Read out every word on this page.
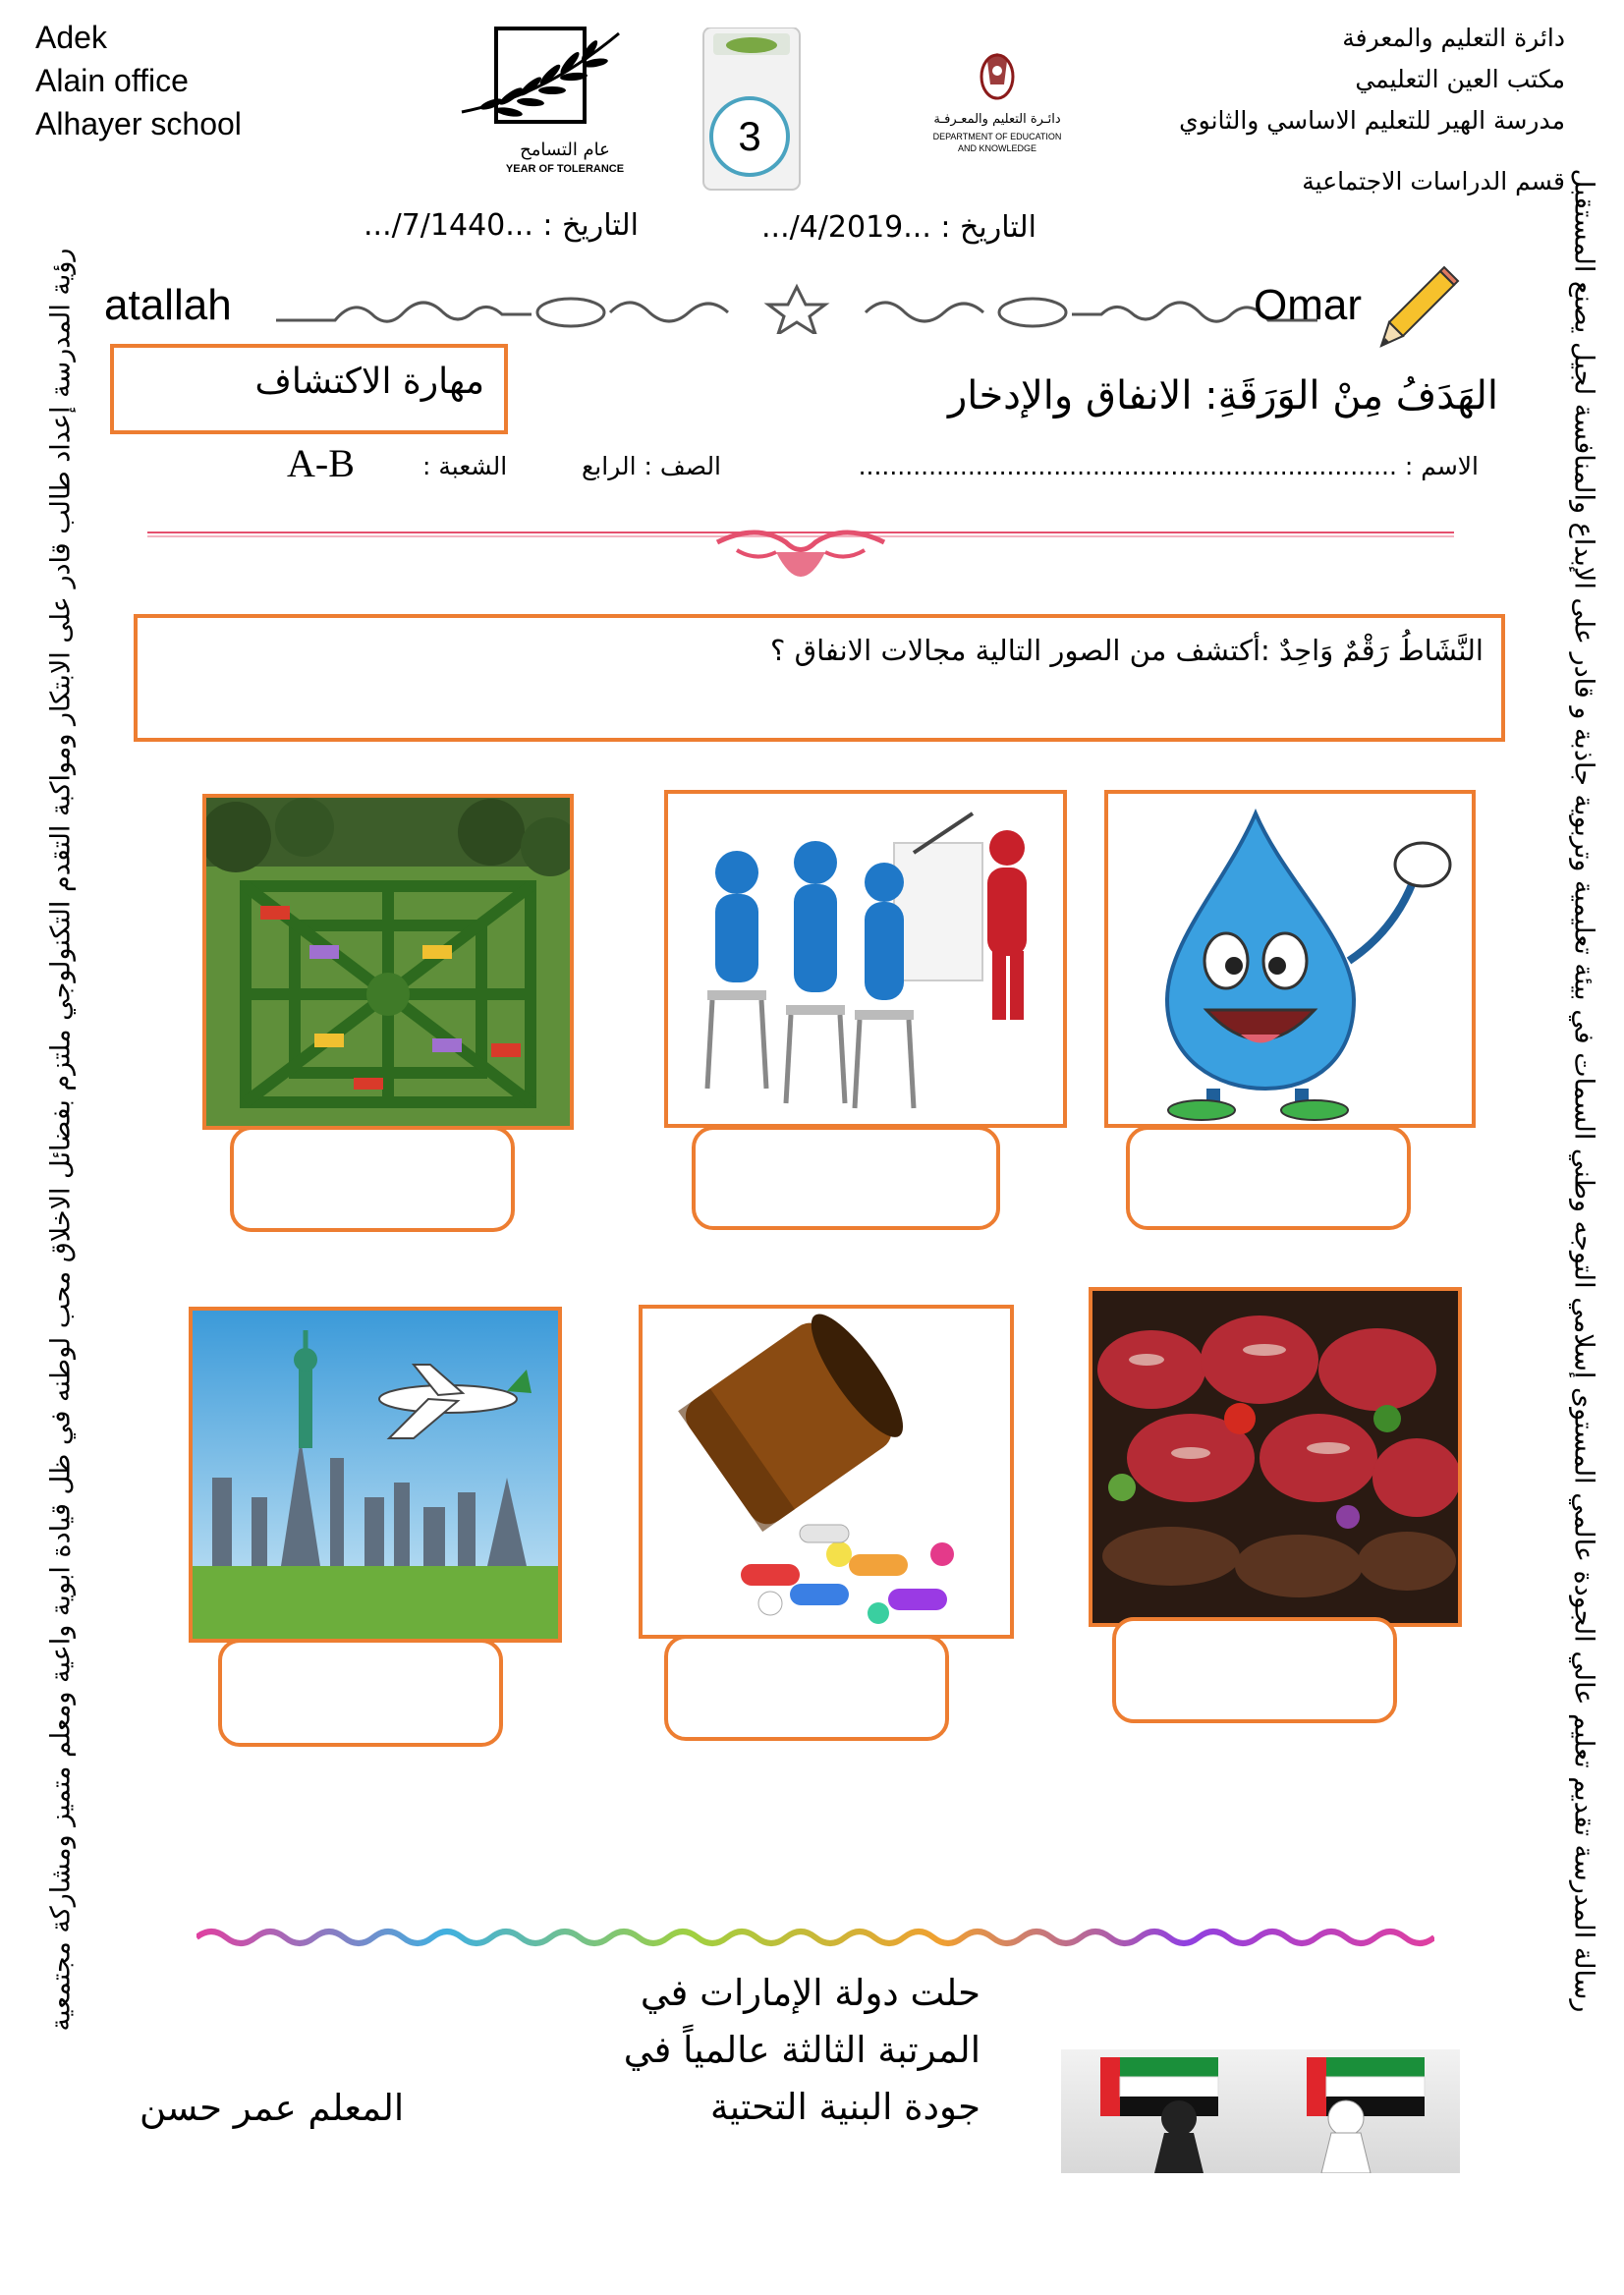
رؤية المدرسة إعداد طالب قادر على الابتكار ومواكبة التقدم التكنولوجي ملتزم بفضائل الاخلاق محب لوطنه في ظل قيادة ابوية واعية ومعلم متميز ومشاركة مجتمعية	رسالة المدرسة تقديم تعليم عالي الجودة عالمي المستوى إسلامي التوجه وطني السمات في بيئة تعليمية وتربوية جاذبة و قادر على الإبداع والمنافسة لجيل يصنع المستقبل
Adek
Alain office
Alhayer school
دائرة التعليم والمعرفة
مكتب العين التعليمي
مدرسة الهير للتعليم الاساسي والثانوي
قسم الدراسات الاجتماعية
عام التسامح
YEAR OF TOLERANCE
3	دائـرة التعليم والمعـرفـة
DEPARTMENT OF EDUCATION
AND KNOWLEDGE
التاريخ : ...7/1440/...	التاريخ : ...4/2019/...
atallah	Omar
مهارة الاكتشاف	الهَدَفُ مِنْ الوَرَقَةِ: الانفاق والإدخار
الاسم : .....................................................................
الصف : الرابع
الشعبة :
A-B
النَّشَاطُ رَقْمٌ وَاحِدٌ :أكتشف من الصور التالية مجالات الانفاق ؟
حلت دولة الإمارات في
المرتبة الثالثة عالمياً في
جودة البنية التحتية
المعلم عمر حسن
